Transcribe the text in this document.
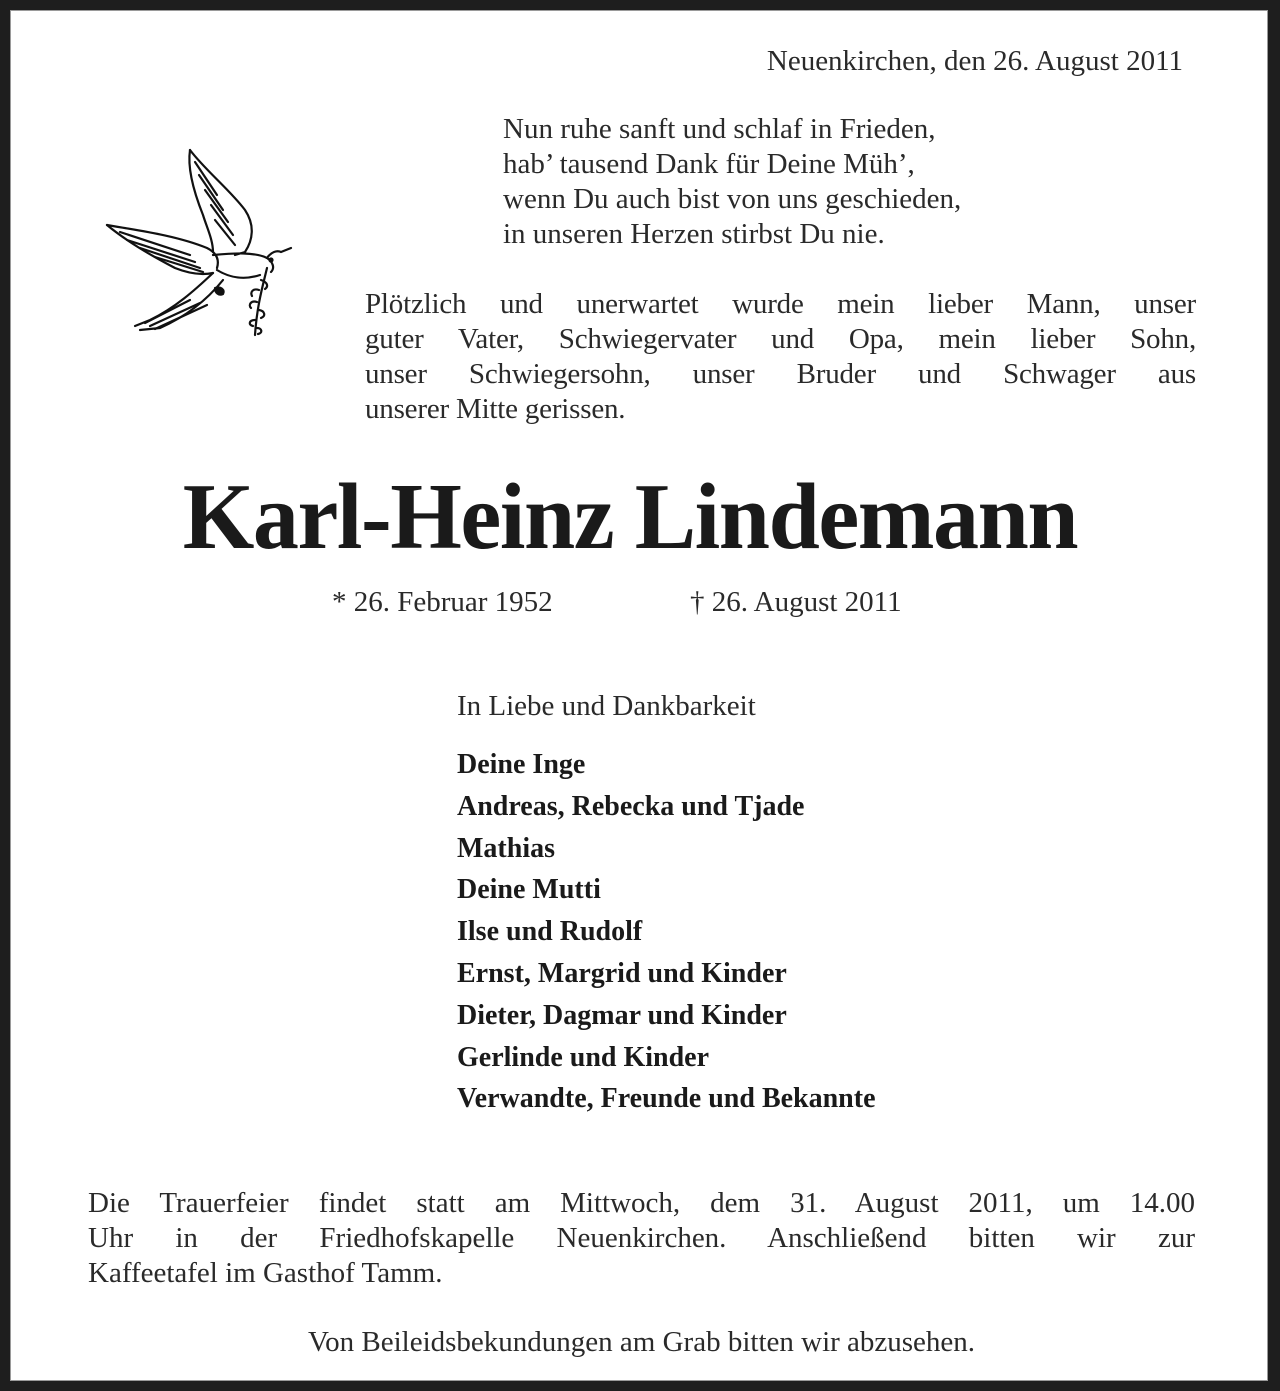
Neuenkirchen, den 26. August 2011
Nun ruhe sanft und schlaf in Frieden,
hab’ tausend Dank für Deine Müh’,
wenn Du auch bist von uns geschieden,
in unseren Herzen stirbst Du nie.
Plötzlich und unerwartet wurde mein lieber Mann, unser
guter Vater, Schwiegervater und Opa, mein lieber Sohn,
unser Schwiegersohn, unser Bruder und Schwager aus
unserer Mitte gerissen.
Karl-Heinz Lindemann
* 26. Februar 1952	† 26. August 2011
In Liebe und Dankbarkeit
Deine Inge
Andreas, Rebecka und Tjade
Mathias
Deine Mutti
Ilse und Rudolf
Ernst, Margrid und Kinder
Dieter, Dagmar und Kinder
Gerlinde und Kinder
Verwandte, Freunde und Bekannte
Die Trauerfeier findet statt am Mittwoch, dem 31. August 2011, um 14.00
Uhr in der Friedhofskapelle Neuenkirchen. Anschließend bitten wir zur
Kaffeetafel im Gasthof Tamm.
Von Beileidsbekundungen am Grab bitten wir abzusehen.
